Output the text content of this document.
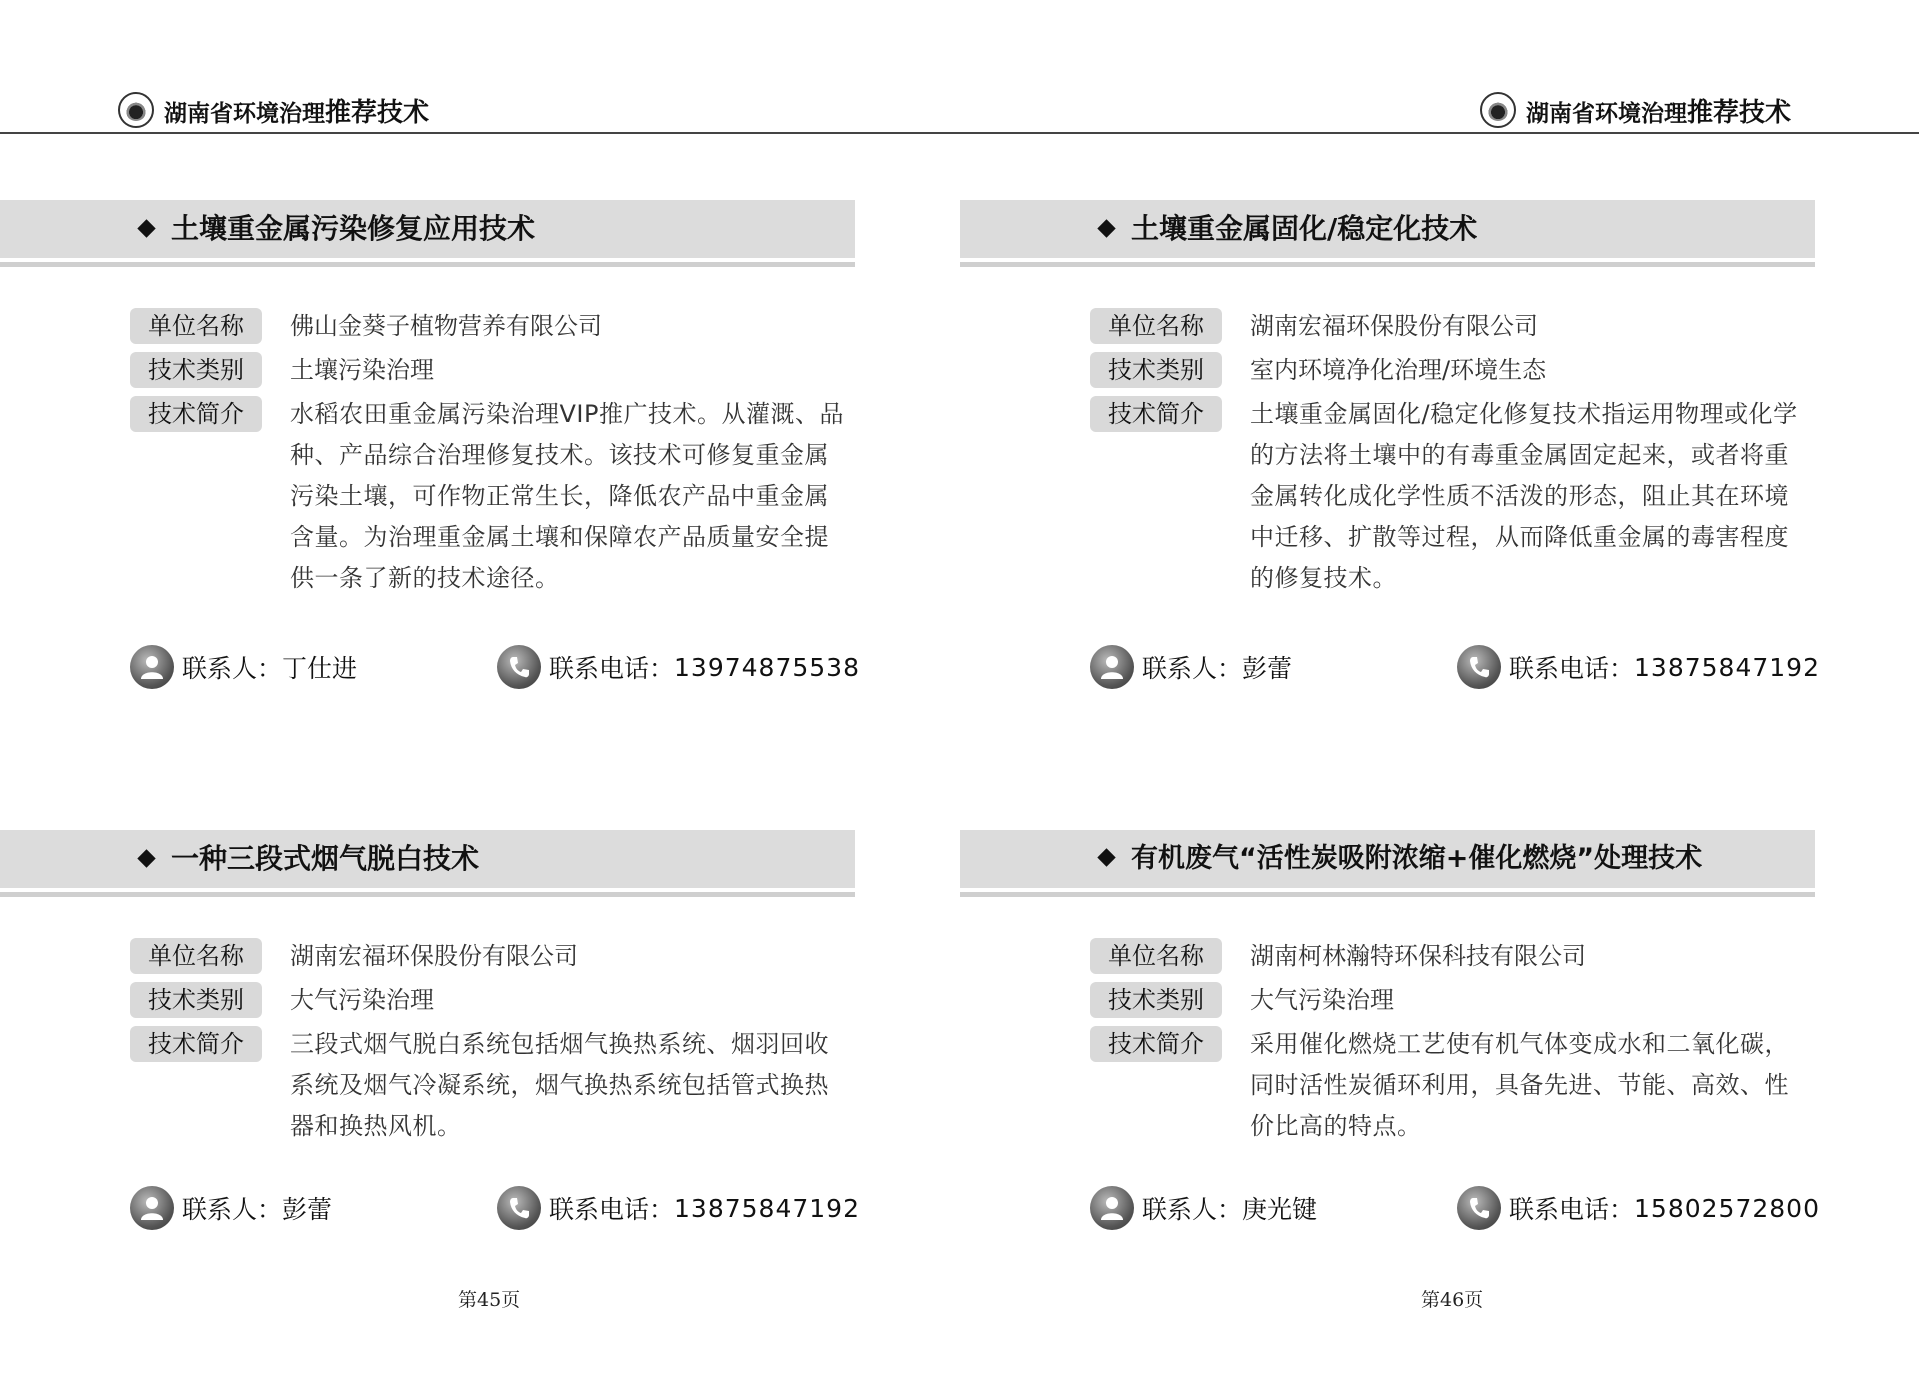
湖南省环境治理推荐技术
土壤重金属污染修复应用技术
单位名称	佛山金葵子植物营养有限公司
技术类别	土壤污染治理
技术简介	水稻农田重金属污染治理VIP推广技术。从灌溉、品种、产品综合治理修复技术。该技术可修复重金属污染土壤，可作物正常生长，降低农产品中重金属含量。为治理重金属土壤和保障农产品质量安全提供一条了新的技术途径。
联系人： 丁仕进	联系电话： 13974875538
一种三段式烟气脱白技术
单位名称	湖南宏福环保股份有限公司
技术类别	大气污染治理
技术简介	三段式烟气脱白系统包括烟气换热系统、烟羽回收系统及烟气冷凝系统，烟气换热系统包括管式换热器和换热风机。
联系人： 彭蕾	联系电话： 13875847192
第45页
湖南省环境治理推荐技术
土壤重金属固化/稳定化技术
单位名称	湖南宏福环保股份有限公司
技术类别	室内环境净化治理/环境生态
技术简介	土壤重金属固化/稳定化修复技术指运用物理或化学的方法将土壤中的有毒重金属固定起来，或者将重金属转化成化学性质不活泼的形态，阻止其在环境中迁移、扩散等过程，从而降低重金属的毒害程度的修复技术。
联系人： 彭蕾	联系电话： 13875847192
有机废气“活性炭吸附浓缩+催化燃烧”处理技术
单位名称	湖南柯林瀚特环保科技有限公司
技术类别	大气污染治理
技术简介	采用催化燃烧工艺使有机气体变成水和二氧化碳，同时活性炭循环利用，具备先进、节能、高效、性价比高的特点。
联系人： 庚光键	联系电话： 15802572800
第46页
